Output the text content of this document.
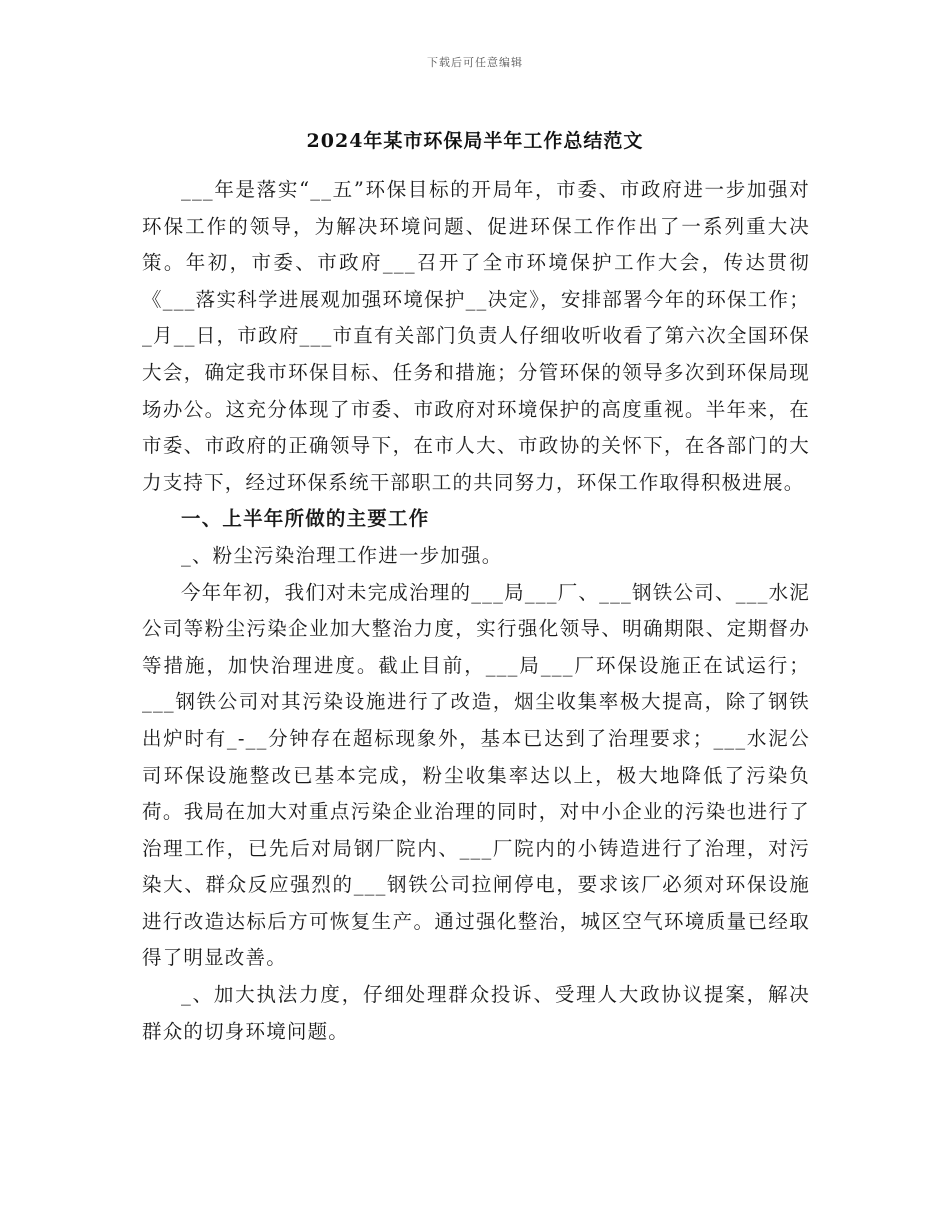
下载后可任意编辑
2024年某市环保局半年工作总结范文

___年是落实“__五”环保目标的开局年，市委、市政府进一步加强对环保工作的领导，为解决环境问题、促进环保工作作出了一系列重大决策。年初，市委、市政府___召开了全市环境保护工作大会，传达贯彻《___落实科学进展观加强环境保护__决定》，安排部署今年的环保工作；_月__日，市政府___市直有关部门负责人仔细收听收看了第六次全国环保大会，确定我市环保目标、任务和措施；分管环保的领导多次到环保局现场办公。这充分体现了市委、市政府对环境保护的高度重视。半年来，在市委、市政府的正确领导下，在市人大、市政协的关怀下，在各部门的大力支持下，经过环保系统干部职工的共同努力，环保工作取得积极进展。

一、上半年所做的主要工作

_、粉尘污染治理工作进一步加强。

今年年初，我们对未完成治理的___局___厂、___钢铁公司、___水泥公司等粉尘污染企业加大整治力度，实行强化领导、明确期限、定期督办等措施，加快治理进度。截止目前，___局___厂环保设施正在试运行；___钢铁公司对其污染设施进行了改造，烟尘收集率极大提高，除了钢铁出炉时有_-__分钟存在超标现象外，基本已达到了治理要求；___水泥公司环保设施整改已基本完成，粉尘收集率达以上，极大地降低了污染负荷。我局在加大对重点污染企业治理的同时，对中小企业的污染也进行了治理工作，已先后对局钢厂院内、___厂院内的小铸造进行了治理，对污染大、群众反应强烈的___钢铁公司拉闸停电，要求该厂必须对环保设施进行改造达标后方可恢复生产。通过强化整治，城区空气环境质量已经取得了明显改善。

_、加大执法力度，仔细处理群众投诉、受理人大政协议提案，解决群众的切身环境问题。
